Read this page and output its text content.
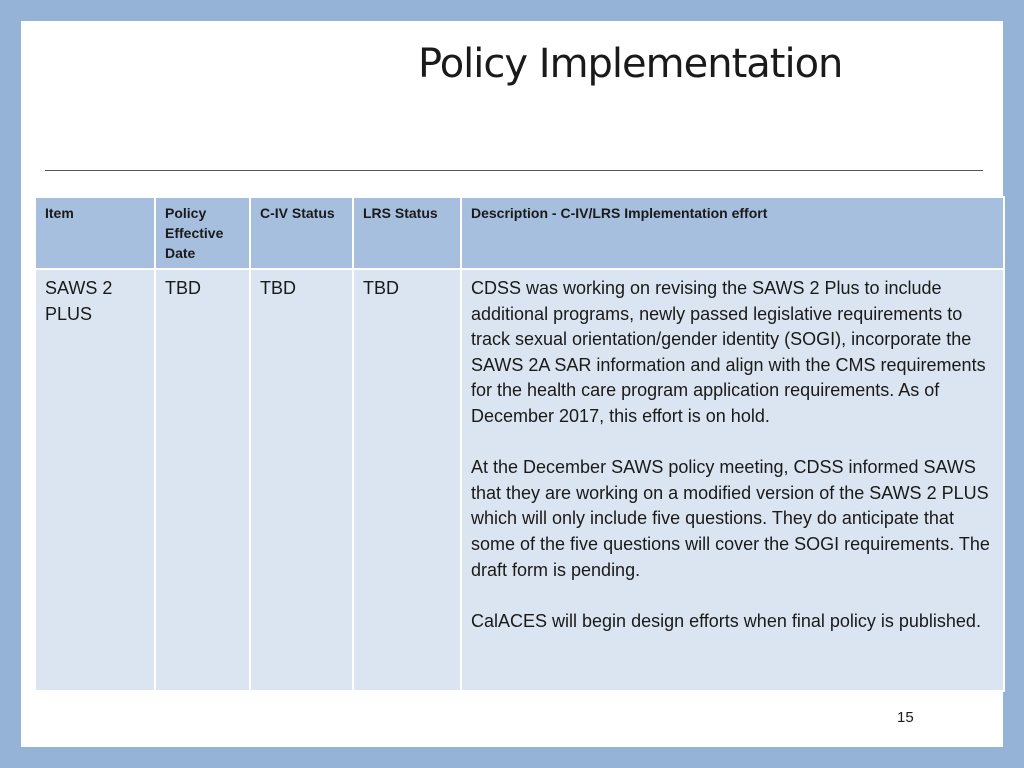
Policy Implementation
Item	Policy Effective Date	C-IV Status	LRS Status	Description - C-IV/LRS Implementation effort
SAWS 2 PLUS	TBD	TBD	TBD	CDSS was working on revising the SAWS 2 Plus to include additional programs, newly passed legislative requirements to track sexual orientation/gender identity (SOGI), incorporate the SAWS 2A SAR information and align with the CMS requirements for the health care program application requirements. As of December 2017, this effort is on hold.

At the December SAWS policy meeting, CDSS informed SAWS that they are working on a modified version of the SAWS 2 PLUS which will only include five questions. They do anticipate that some of the five questions will cover the SOGI requirements. The draft form is pending.

CalACES will begin design efforts when final policy is published.

15
